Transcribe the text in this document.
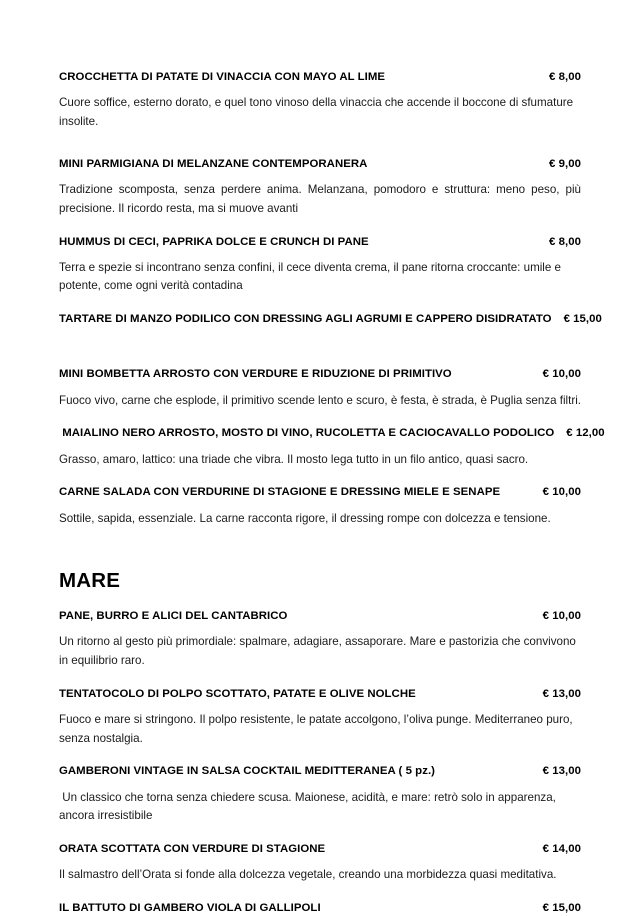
CROCCHETTA DI PATATE DI VINACCIA CON MAYO AL LIME	€ 8,00

Cuore soffice, esterno dorato, e quel tono vinoso della vinaccia che accende il boccone di sfumature insolite.

MINI PARMIGIANA DI MELANZANE CONTEMPORANERA	€ 9,00

Tradizione scomposta, senza perdere anima. Melanzana, pomodoro e struttura: meno peso, più precisione. Il ricordo resta, ma si muove avanti

HUMMUS DI CECI, PAPRIKA DOLCE E CRUNCH DI PANE	€ 8,00

Terra e spezie si incontrano senza confini, il cece diventa crema, il pane ritorna croccante: umile e potente, come ogni verità contadina

TARTARE DI MANZO PODILICO CON DRESSING AGLI AGRUMI E CAPPERO DISIDRATATO	€ 15,00
MINI BOMBETTA ARROSTO CON VERDURE E RIDUZIONE DI PRIMITIVO	€ 10,00

Fuoco vivo, carne che esplode, il primitivo scende lento e scuro, è festa, è strada, è Puglia senza filtri.

MAIALINO NERO ARROSTO, MOSTO DI VINO, RUCOLETTA E CACIOCAVALLO PODOLICO	€ 12,00

Grasso, amaro, lattico: una triade che vibra. Il mosto lega tutto in un filo antico, quasi sacro.

CARNE SALADA CON VERDURINE DI STAGIONE E DRESSING MIELE E SENAPE	€ 10,00

Sottile, sapida, essenziale. La carne racconta rigore, il dressing rompe con dolcezza e tensione.

MARE
PANE, BURRO E ALICI DEL CANTABRICO	€ 10,00

Un ritorno al gesto più primordiale: spalmare, adagiare, assaporare. Mare e pastorizia che convivono in equilibrio raro.

TENTATOCOLO DI POLPO SCOTTATO, PATATE E OLIVE NOLCHE	€ 13,00

Fuoco e mare si stringono. Il polpo resistente, le patate accolgono, l’oliva punge. Mediterraneo puro, senza nostalgia.

GAMBERONI VINTAGE IN SALSA COCKTAIL MEDITTERANEA ( 5 pz.)	€ 13,00

Un classico che torna senza chiedere scusa. Maionese, acidità, e mare: retrò solo in apparenza, ancora irresistibile

ORATA SCOTTATA CON VERDURE DI STAGIONE	€ 14,00

Il salmastro dell’Orata si fonde alla dolcezza vegetale, creando una morbidezza quasi meditativa.

IL BATTUTO DI GAMBERO VIOLA DI GALLIPOLI	€ 15,00
